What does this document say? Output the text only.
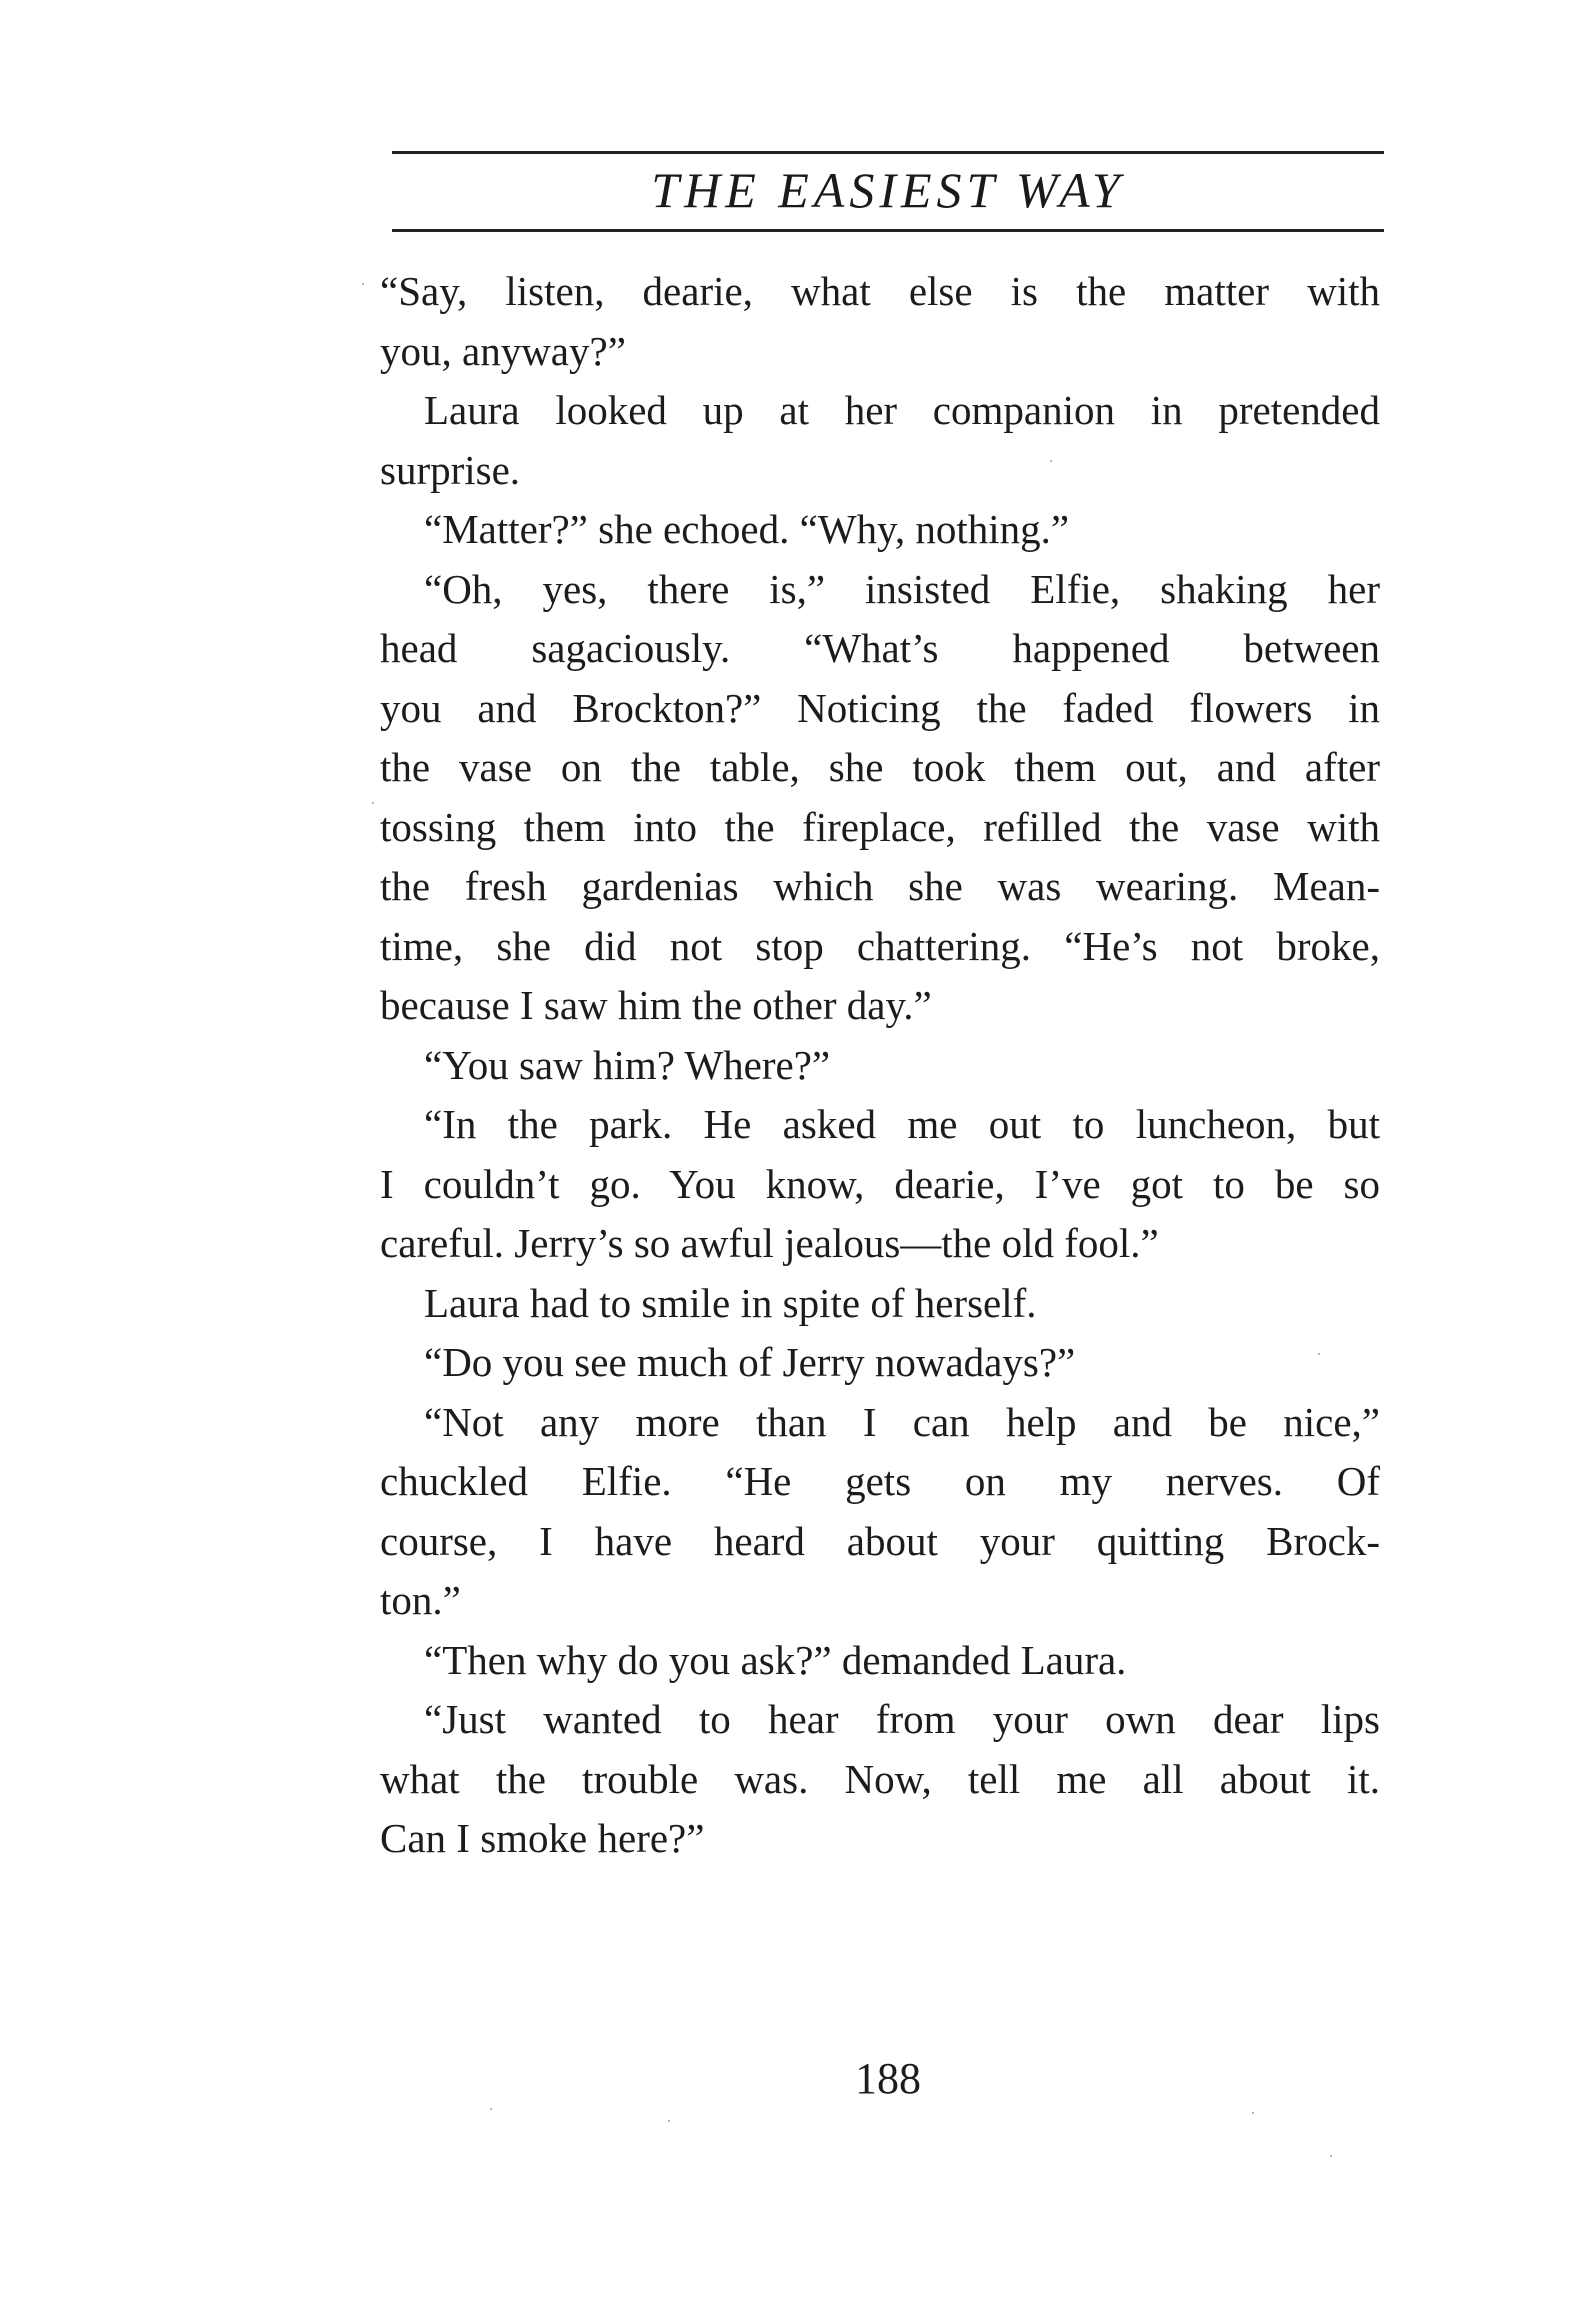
THE EASIEST WAY

“Say, listen, dearie, what else is the matter with
you, anyway?”

Laura looked up at her companion in pretended
surprise.

“Matter?” she echoed. “Why, nothing.”

“Oh, yes, there is,” insisted Elfie, shaking her
head sagaciously. “What’s happened between
you and Brockton?” Noticing the faded flowers in
the vase on the table, she took them out, and after
tossing them into the fireplace, refilled the vase with
the fresh gardenias which she was wearing. Mean-
time, she did not stop chattering. “He’s not broke,
because I saw him the other day.”

“You saw him? Where?”

“In the park. He asked me out to luncheon, but
I couldn’t go. You know, dearie, I’ve got to be so
careful. Jerry’s so awful jealous—the old fool.”

Laura had to smile in spite of herself.

“Do you see much of Jerry nowadays?”

“Not any more than I can help and be nice,”
chuckled Elfie. “He gets on my nerves. Of
course, I have heard about your quitting Brock-
ton.”

“Then why do you ask?” demanded Laura.

“Just wanted to hear from your own dear lips
what the trouble was. Now, tell me all about it.
Can I smoke here?”

188
